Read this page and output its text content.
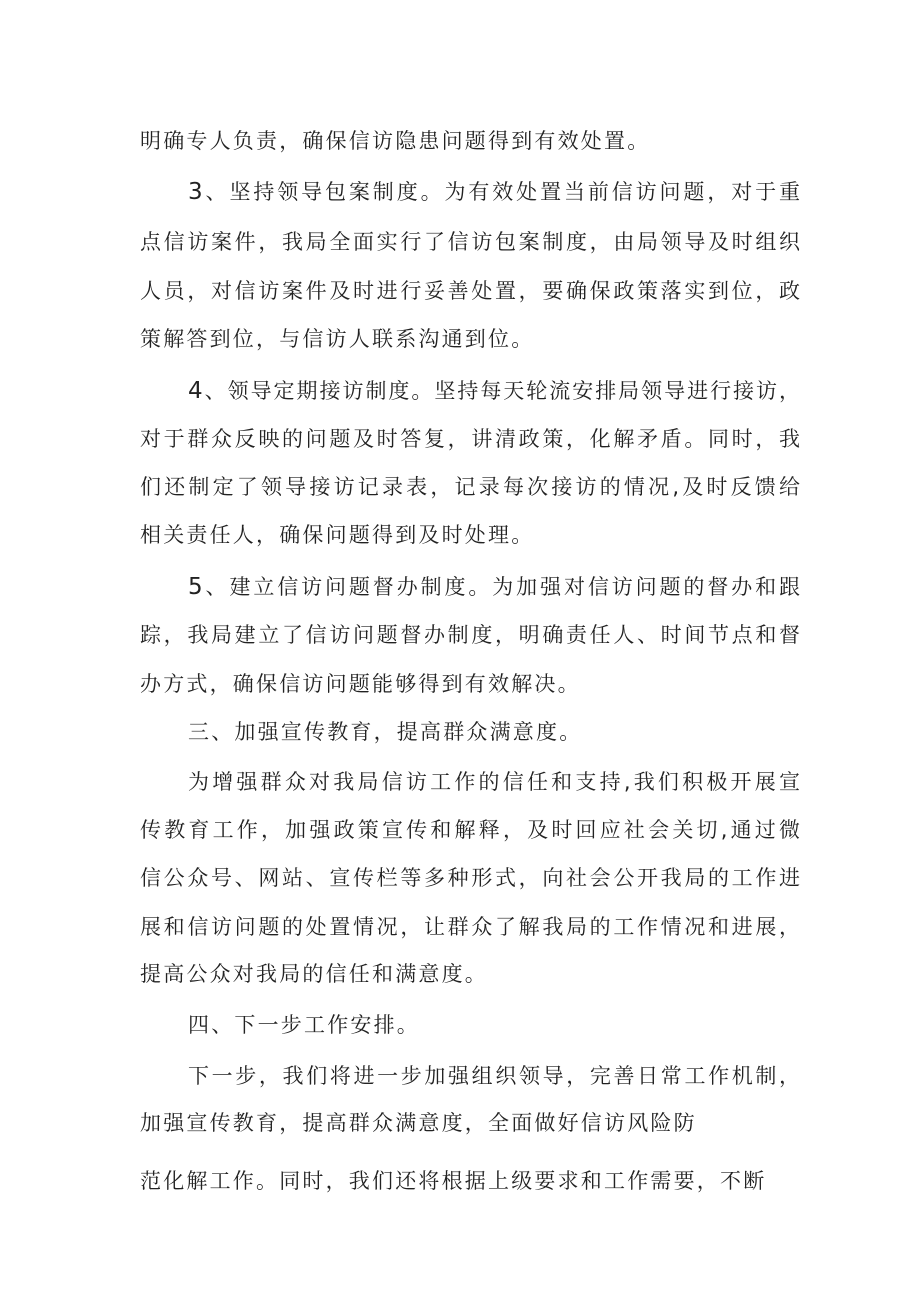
明确专人负责，确保信访隐患问题得到有效处置。
3、坚持领导包案制度。为有效处置当前信访问题，对于重
点信访案件，我局全面实行了信访包案制度，由局领导及时组织
人员，对信访案件及时进行妥善处置，要确保政策落实到位，政
策解答到位，与信访人联系沟通到位。
4、领导定期接访制度。坚持每天轮流安排局领导进行接访，
对于群众反映的问题及时答复，讲清政策，化解矛盾。同时，我
们还制定了领导接访记录表，记录每次接访的情况,及时反馈给
相关责任人，确保问题得到及时处理。
5、建立信访问题督办制度。为加强对信访问题的督办和跟
踪，我局建立了信访问题督办制度，明确责任人、时间节点和督
办方式，确保信访问题能够得到有效解决。
三、加强宣传教育，提高群众满意度。
为增强群众对我局信访工作的信任和支持,我们积极开展宣
传教育工作，加强政策宣传和解释，及时回应社会关切,通过微
信公众号、网站、宣传栏等多种形式，向社会公开我局的工作进
展和信访问题的处置情况，让群众了解我局的工作情况和进展，
提高公众对我局的信任和满意度。
四、下一步工作安排。
下一步，我们将进一步加强组织领导，完善日常工作机制，
加强宣传教育，提高群众满意度，全面做好信访风险防
范化解工作。同时，我们还将根据上级要求和工作需要，不断
